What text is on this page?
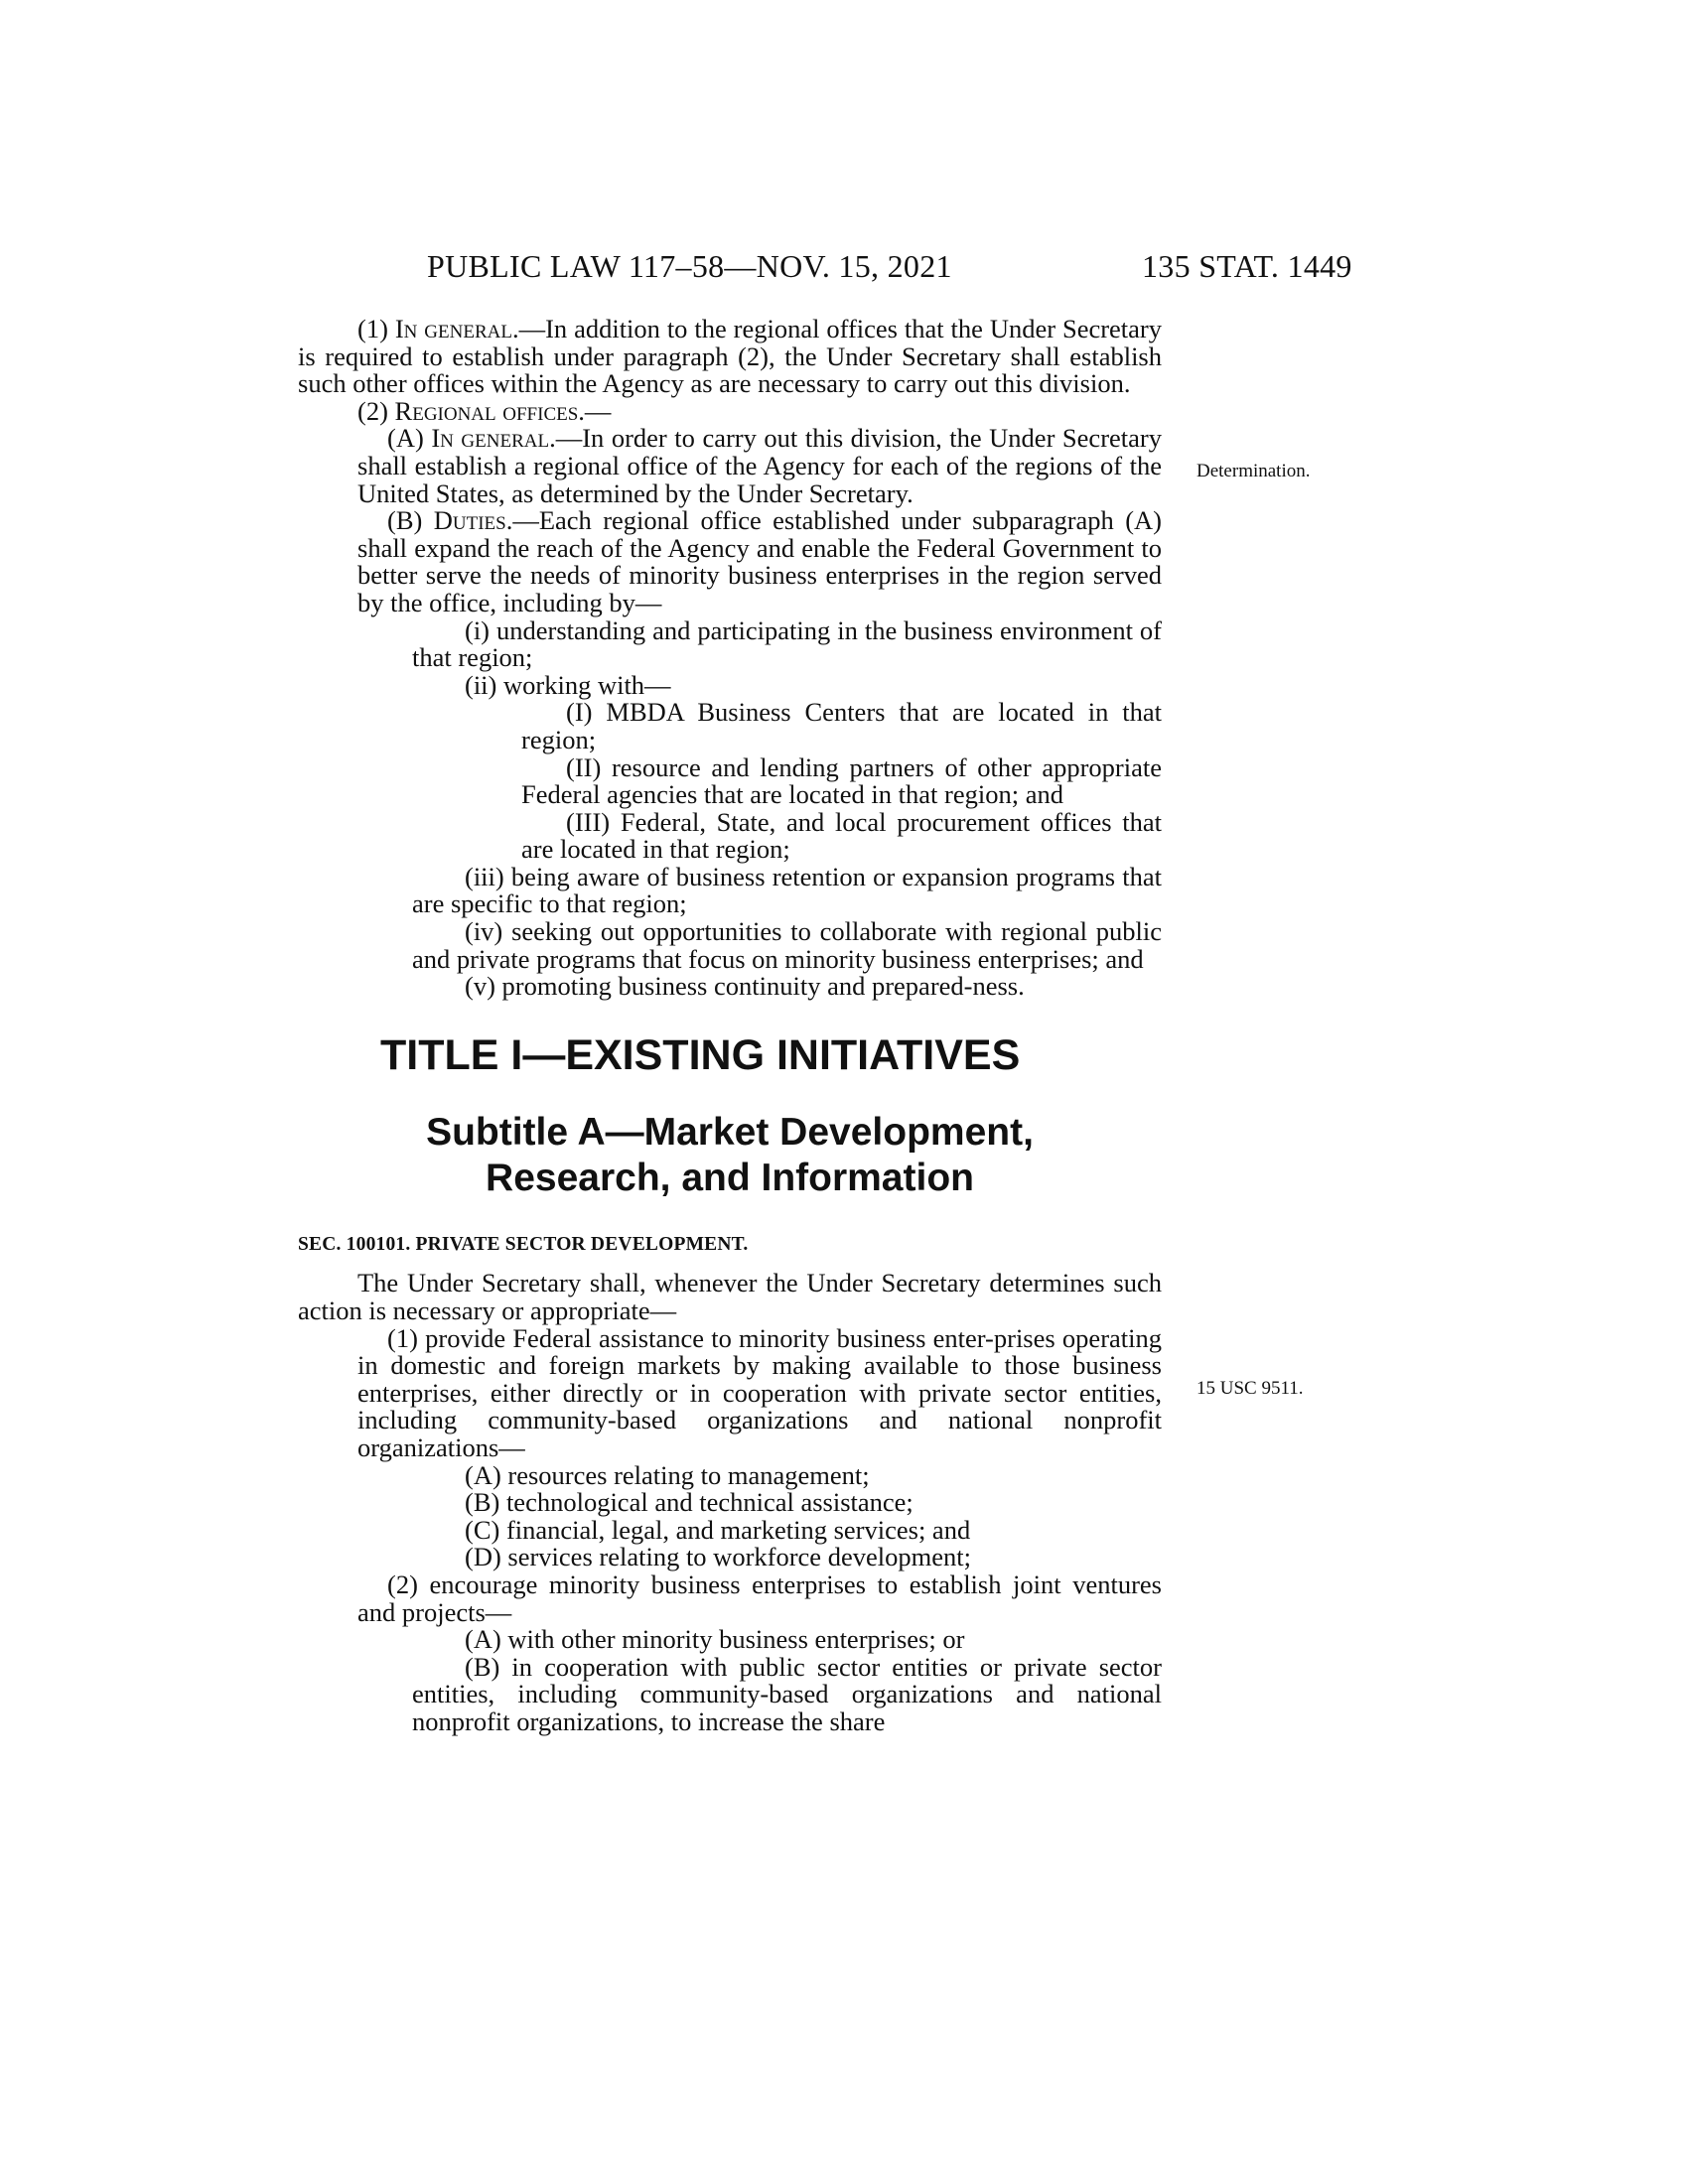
PUBLIC LAW 117–58—NOV. 15, 2021	135 STAT. 1449
Determination.
15 USC 9511.

(1) In general.—In addition to the regional offices that the Under Secretary is required to establish under paragraph (2), the Under Secretary shall establish such other offices within the Agency as are necessary to carry out this division.

(2) Regional offices.—

(A) In general.—In order to carry out this division, the Under Secretary shall establish a regional office of the Agency for each of the regions of the United States, as determined by the Under Secretary.

(B) Duties.—Each regional office established under subparagraph (A) shall expand the reach of the Agency and enable the Federal Government to better serve the needs of minority business enterprises in the region served by the office, including by—

(i) understanding and participating in the business environment of that region;

(ii) working with—

(I) MBDA Business Centers that are located in that region;

(II) resource and lending partners of other appropriate Federal agencies that are located in that region; and

(III) Federal, State, and local procurement offices that are located in that region;

(iii) being aware of business retention or expansion programs that are specific to that region;

(iv) seeking out opportunities to collaborate with regional public and private programs that focus on minority business enterprises; and

(v) promoting business continuity and prepared-ness.

TITLE I—EXISTING INITIATIVES

Subtitle A—Market Development,
Research, and Information

SEC. 100101. PRIVATE SECTOR DEVELOPMENT.

The Under Secretary shall, whenever the Under Secretary determines such action is necessary or appropriate—

(1) provide Federal assistance to minority business enter-prises operating in domestic and foreign markets by making available to those business enterprises, either directly or in cooperation with private sector entities, including community-based organizations and national nonprofit organizations—

(A) resources relating to management;

(B) technological and technical assistance;

(C) financial, legal, and marketing services; and

(D) services relating to workforce development;

(2) encourage minority business enterprises to establish joint ventures and projects—

(A) with other minority business enterprises; or

(B) in cooperation with public sector entities or private sector entities, including community-based organizations and national nonprofit organizations, to increase the share
